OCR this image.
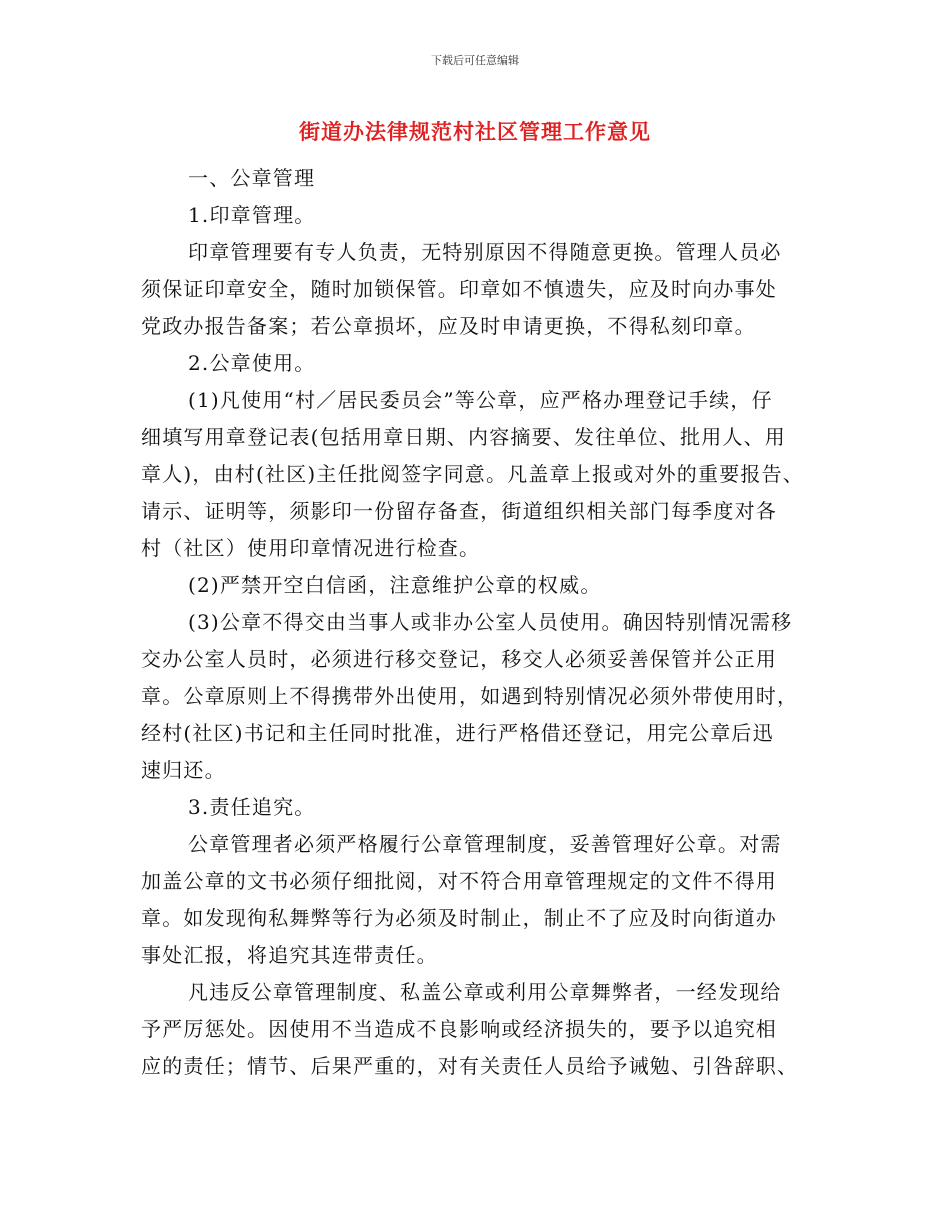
下载后可任意编辑
街道办法律规范村社区管理工作意见
一、公章管理
1.印章管理。
印章管理要有专人负责，无特别原因不得随意更换。管理人员必
须保证印章安全，随时加锁保管。印章如不慎遗失，应及时向办事处
党政办报告备案；若公章损坏，应及时申请更换，不得私刻印章。
2.公章使用。
(1)凡使用“村／居民委员会”等公章，应严格办理登记手续，仔
细填写用章登记表(包括用章日期、内容摘要、发往单位、批用人、用
章人)，由村(社区)主任批阅签字同意。凡盖章上报或对外的重要报告、
请示、证明等，须影印一份留存备查，街道组织相关部门每季度对各
村（社区）使用印章情况进行检查。
(2)严禁开空白信函，注意维护公章的权威。
(3)公章不得交由当事人或非办公室人员使用。确因特别情况需移
交办公室人员时，必须进行移交登记，移交人必须妥善保管并公正用
章。公章原则上不得携带外出使用，如遇到特别情况必须外带使用时，
经村(社区)书记和主任同时批准，进行严格借还登记，用完公章后迅
速归还。
3.责任追究。
公章管理者必须严格履行公章管理制度，妥善管理好公章。对需
加盖公章的文书必须仔细批阅，对不符合用章管理规定的文件不得用
章。如发现徇私舞弊等行为必须及时制止，制止不了应及时向街道办
事处汇报，将追究其连带责任。
凡违反公章管理制度、私盖公章或利用公章舞弊者，一经发现给
予严厉惩处。因使用不当造成不良影响或经济损失的，要予以追究相
应的责任；情节、后果严重的，对有关责任人员给予诫勉、引咎辞职、
